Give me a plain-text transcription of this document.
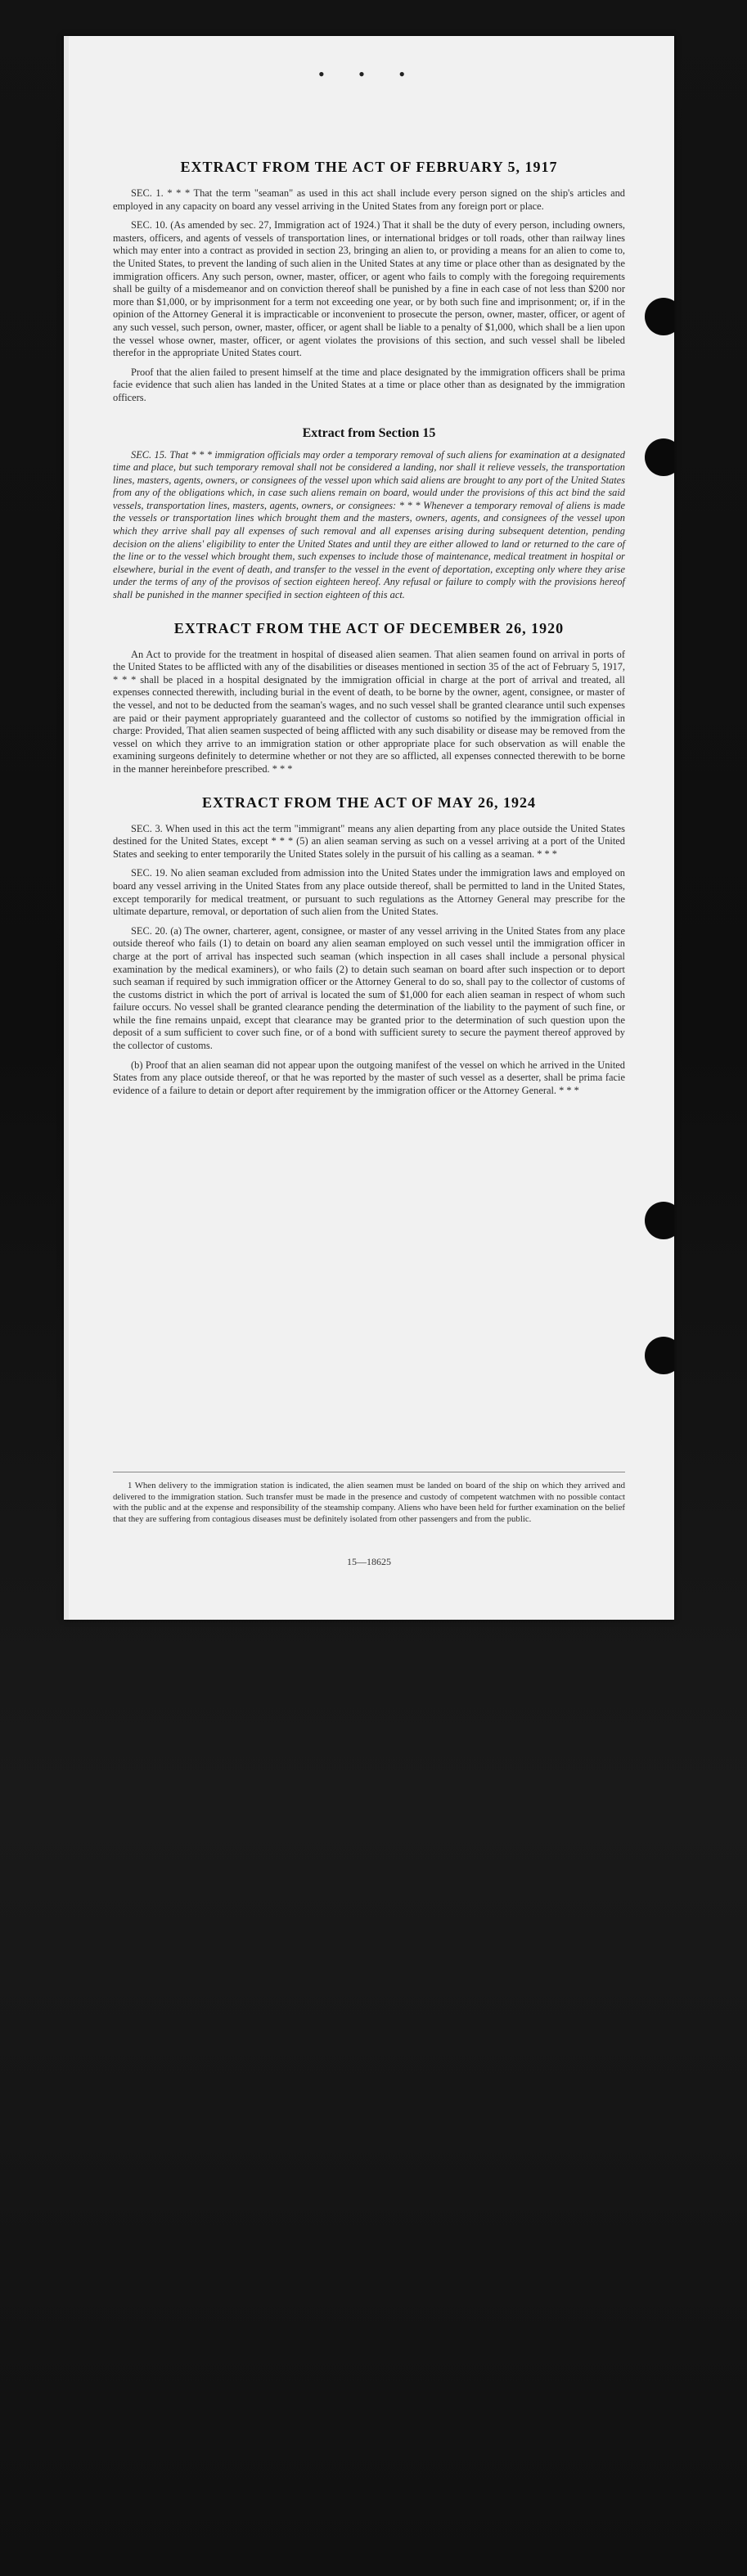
• • •
EXTRACT FROM THE ACT OF FEBRUARY 5, 1917

SEC. 1. * * * That the term "seaman" as used in this act shall include every person signed on the ship's articles and employed in any capacity on board any vessel arriving in the United States from any foreign port or place.

SEC. 10. (As amended by sec. 27, Immigration act of 1924.) That it shall be the duty of every person, including owners, masters, officers, and agents of vessels of transportation lines, or international bridges or toll roads, other than railway lines which may enter into a contract as provided in section 23, bringing an alien to, or providing a means for an alien to come to, the United States, to prevent the landing of such alien in the United States at any time or place other than as designated by the immigration officers. Any such person, owner, master, officer, or agent who fails to comply with the foregoing requirements shall be guilty of a misdemeanor and on conviction thereof shall be punished by a fine in each case of not less than $200 nor more than $1,000, or by imprisonment for a term not exceeding one year, or by both such fine and imprisonment; or, if in the opinion of the Attorney General it is impracticable or inconvenient to prosecute the person, owner, master, officer, or agent of any such vessel, such person, owner, master, officer, or agent shall be liable to a penalty of $1,000, which shall be a lien upon the vessel whose owner, master, officer, or agent violates the provisions of this section, and such vessel shall be libeled therefor in the appropriate United States court.

Proof that the alien failed to present himself at the time and place designated by the immigration officers shall be prima facie evidence that such alien has landed in the United States at a time or place other than as designated by the immigration officers.

Extract from Section 15

SEC. 15. That * * * immigration officials may order a temporary removal of such aliens for examination at a designated time and place, but such temporary removal shall not be considered a landing, nor shall it relieve vessels, the transportation lines, masters, agents, owners, or consignees of the vessel upon which said aliens are brought to any port of the United States from any of the obligations which, in case such aliens remain on board, would under the provisions of this act bind the said vessels, transportation lines, masters, agents, owners, or consignees: * * * Whenever a temporary removal of aliens is made the vessels or transportation lines which brought them and the masters, owners, agents, and consignees of the vessel upon which they arrive shall pay all expenses of such removal and all expenses arising during subsequent detention, pending decision on the aliens' eligibility to enter the United States and until they are either allowed to land or returned to the care of the line or to the vessel which brought them, such expenses to include those of maintenance, medical treatment in hospital or elsewhere, burial in the event of death, and transfer to the vessel in the event of deportation, excepting only where they arise under the terms of any of the provisos of section eighteen hereof. Any refusal or failure to comply with the provisions hereof shall be punished in the manner specified in section eighteen of this act.

EXTRACT FROM THE ACT OF DECEMBER 26, 1920

An Act to provide for the treatment in hospital of diseased alien seamen. That alien seamen found on arrival in ports of the United States to be afflicted with any of the disabilities or diseases mentioned in section 35 of the act of February 5, 1917, * * * shall be placed in a hospital designated by the immigration official in charge at the port of arrival and treated, all expenses connected therewith, including burial in the event of death, to be borne by the owner, agent, consignee, or master of the vessel, and not to be deducted from the seaman's wages, and no such vessel shall be granted clearance until such expenses are paid or their payment appropriately guaranteed and the collector of customs so notified by the immigration official in charge: Provided, That alien seamen suspected of being afflicted with any such disability or disease may be removed from the vessel on which they arrive to an immigration station or other appropriate place for such observation as will enable the examining surgeons definitely to determine whether or not they are so afflicted, all expenses connected therewith to be borne in the manner hereinbefore prescribed. * * *

EXTRACT FROM THE ACT OF MAY 26, 1924

SEC. 3. When used in this act the term "immigrant" means any alien departing from any place outside the United States destined for the United States, except * * * (5) an alien seaman serving as such on a vessel arriving at a port of the United States and seeking to enter temporarily the United States solely in the pursuit of his calling as a seaman. * * *

SEC. 19. No alien seaman excluded from admission into the United States under the immigration laws and employed on board any vessel arriving in the United States from any place outside thereof, shall be permitted to land in the United States, except temporarily for medical treatment, or pursuant to such regulations as the Attorney General may prescribe for the ultimate departure, removal, or deportation of such alien from the United States.

SEC. 20. (a) The owner, charterer, agent, consignee, or master of any vessel arriving in the United States from any place outside thereof who fails (1) to detain on board any alien seaman employed on such vessel until the immigration officer in charge at the port of arrival has inspected such seaman (which inspection in all cases shall include a personal physical examination by the medical examiners), or who fails (2) to detain such seaman on board after such inspection or to deport such seaman if required by such immigration officer or the Attorney General to do so, shall pay to the collector of customs of the customs district in which the port of arrival is located the sum of $1,000 for each alien seaman in respect of whom such failure occurs. No vessel shall be granted clearance pending the determination of the liability to the payment of such fine, or while the fine remains unpaid, except that clearance may be granted prior to the determination of such question upon the deposit of a sum sufficient to cover such fine, or of a bond with sufficient surety to secure the payment thereof approved by the collector of customs.

(b) Proof that an alien seaman did not appear upon the outgoing manifest of the vessel on which he arrived in the United States from any place outside thereof, or that he was reported by the master of such vessel as a deserter, shall be prima facie evidence of a failure to detain or deport after requirement by the immigration officer or the Attorney General. * * *

1 When delivery to the immigration station is indicated, the alien seamen must be landed on board of the ship on which they arrived and delivered to the immigration station. Such transfer must be made in the presence and custody of competent watchmen with no possible contact with the public and at the expense and responsibility of the steamship company. Aliens who have been held for further examination on the belief that they are suffering from contagious diseases must be definitely isolated from other passengers and from the public.

15—18625
